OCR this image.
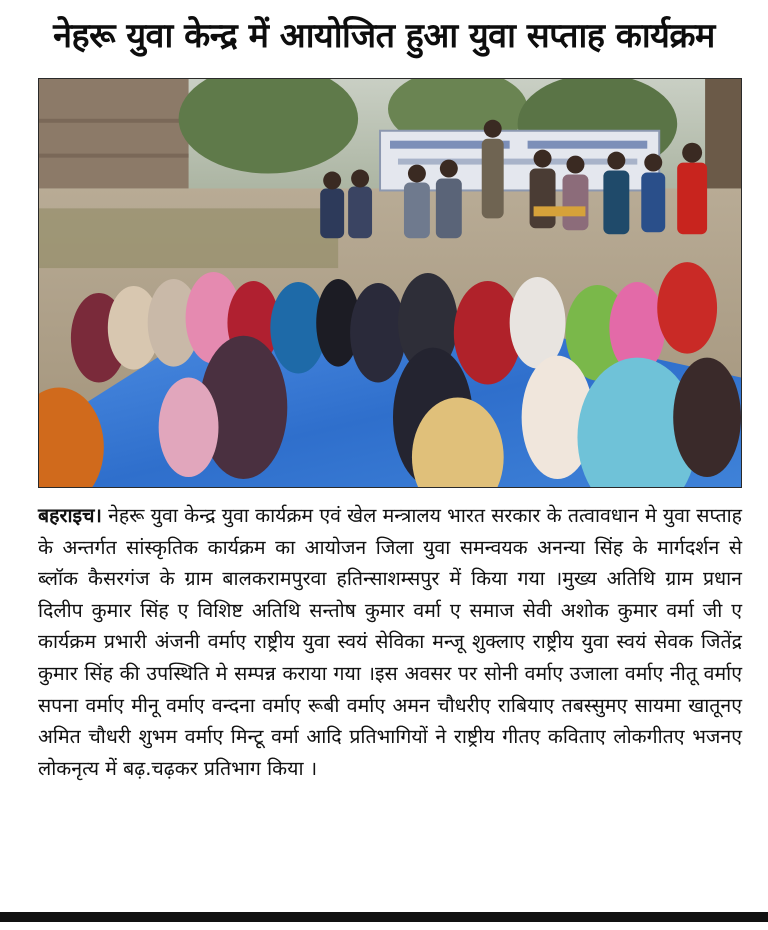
नेहरू युवा केन्द्र में आयोजित हुआ युवा सप्ताह कार्यक्रम
बहराइच। नेहरू युवा केन्द्र युवा कार्यक्रम एवं खेल मन्त्रालय भारत सरकार के तत्वावधान मे युवा सप्ताह के अन्तर्गत सांस्कृतिक कार्यक्रम का आयोजन जिला युवा समन्वयक अनन्या सिंह के मार्गदर्शन से ब्लॉक कैसरगंज के ग्राम बालकरामपुरवा हतिन्साशम्सपुर में किया गया ।मुख्य अतिथि ग्राम प्रधान दिलीप कुमार सिंह ए विशिष्ट अतिथि सन्तोष कुमार वर्मा ए समाज सेवी अशोक कुमार वर्मा जी ए कार्यक्रम प्रभारी अंजनी वर्माए राष्ट्रीय युवा स्वयं सेविका मन्जू शुक्लाए राष्ट्रीय युवा स्वयं सेवक जितेंद्र कुमार सिंह की उपस्थिति मे सम्पन्न कराया गया ।इस अवसर पर सोनी वर्माए उजाला वर्माए नीतू वर्माए सपना वर्माए मीनू वर्माए वन्दना वर्माए रूबी वर्माए अमन चौधरीए राबियाए तबस्सुमए सायमा खातूनए अमित चौधरी शुभम वर्माए मिन्टू वर्मा आदि प्रतिभागियों ने राष्ट्रीय गीतए कविताए लोकगीतए भजनए लोकनृत्य में बढ़.चढ़कर प्रतिभाग किया ।
